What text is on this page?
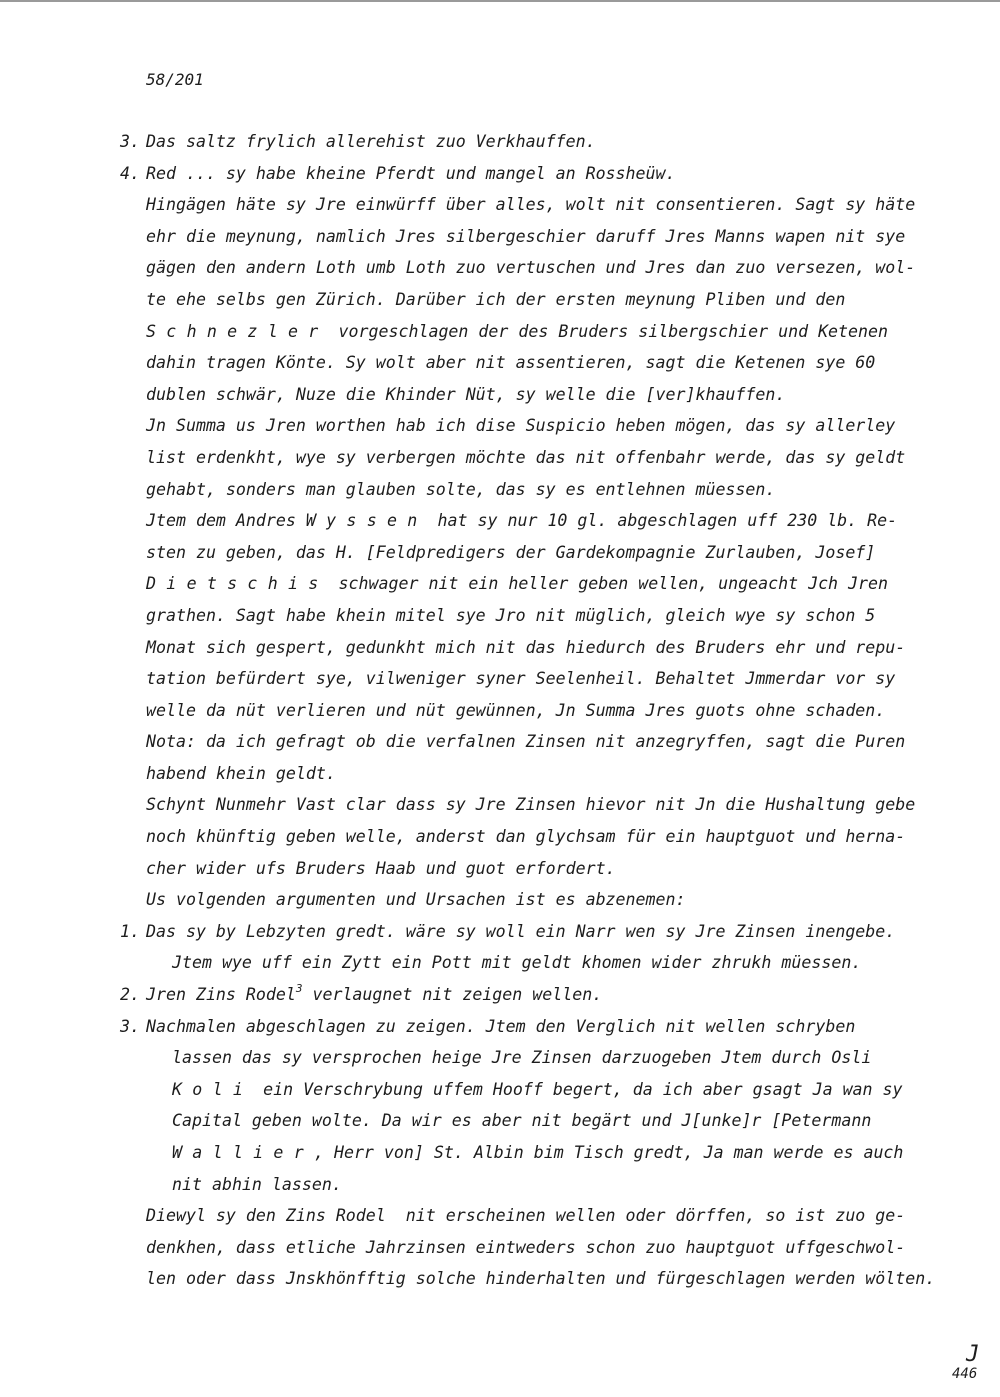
58/201
3. Das saltz frylich allerehist zuo Verkhauffen.
4. Red ... sy habe kheine Pferdt und mangel an Rossheüw.
Hingägen häte sy Jre einwürff über alles, wolt nit consentieren. Sagt sy häte
ehr die meynung, namlich Jres silbergeschier daruff Jres Manns wapen nit sye
gägen den andern Loth umb Loth zuo vertuschen und Jres dan zuo versezen, wol-
te ehe selbs gen Zürich. Darüber ich der ersten meynung Pliben und den
Schnezler vorgeschlagen der des Bruders silbergschier und Ketenen
dahin tragen Könte. Sy wolt aber nit assentieren, sagt die Ketenen sye 60
dublen schwär, Nuze die Khinder Nüt, sy welle die [ver]khauffen.
Jn Summa us Jren worthen hab ich dise Suspicio heben mögen, das sy allerley
list erdenkht, wye sy verbergen möchte das nit offenbahr werde, das sy geldt
gehabt, sonders man glauben solte, das sy es entlehnen müessen.
Jtem dem Andres Wyssen hat sy nur 10 gl. abgeschlagen uff 230 lb. Re-
sten zu geben, das H. [Feldpredigers der Gardekompagnie Zurlauben, Josef]
Dietschis schwager nit ein heller geben wellen, ungeacht Jch Jren
grathen. Sagt habe khein mitel sye Jro nit müglich, gleich wye sy schon 5
Monat sich gespert, gedunkht mich nit das hiedurch des Bruders ehr und repu-
tation befürdert sye, vilweniger syner Seelenheil. Behaltet Jmmerdar vor sy
welle da nüt verlieren und nüt gewünnen, Jn Summa Jres guots ohne schaden.
Nota: da ich gefragt ob die verfalnen Zinsen nit anzegryffen, sagt die Puren
habend khein geldt.
Schynt Nunmehr Vast clar dass sy Jre Zinsen hievor nit Jn die Hushaltung gebe
noch khünftig geben welle, anderst dan glychsam für ein hauptguot und herna-
cher wider ufs Bruders Haab und guot erfordert.
Us volgenden argumenten und Ursachen ist es abzenemen:
1. Das sy by Lebzyten gredt. wäre sy woll ein Narr wen sy Jre Zinsen inengebe.
Jtem wye uff ein Zytt ein Pott mit geldt khomen wider zhrukh müessen.
2. Jren Zins Rodel$^3$ verlaugnet nit zeigen wellen.
3. Nachmalen abgeschlagen zu zeigen. Jtem den Verglich nit wellen schryben
lassen das sy versprochen heige Jre Zinsen darzuogeben Jtem durch Osli
Koli ein Verschrybung uffem Hooff begert, da ich aber gsagt Ja wan sy
Capital geben wolte. Da wir es aber nit begärt und J[unke]r [Petermann
Wallier, Herr von] St. Albin bim Tisch gredt, Ja man werde es auch
nit abhin lassen.
Diewyl sy den Zins Rodel  nit erscheinen wellen oder dörffen, so ist zuo ge-
denkhen, dass etliche Jahrzinsen eintweders schon zuo hauptguot uffgeschwol-
len oder dass Jnskhönfftig solche hinderhalten und fürgeschlagen werden wölten.
J
446
